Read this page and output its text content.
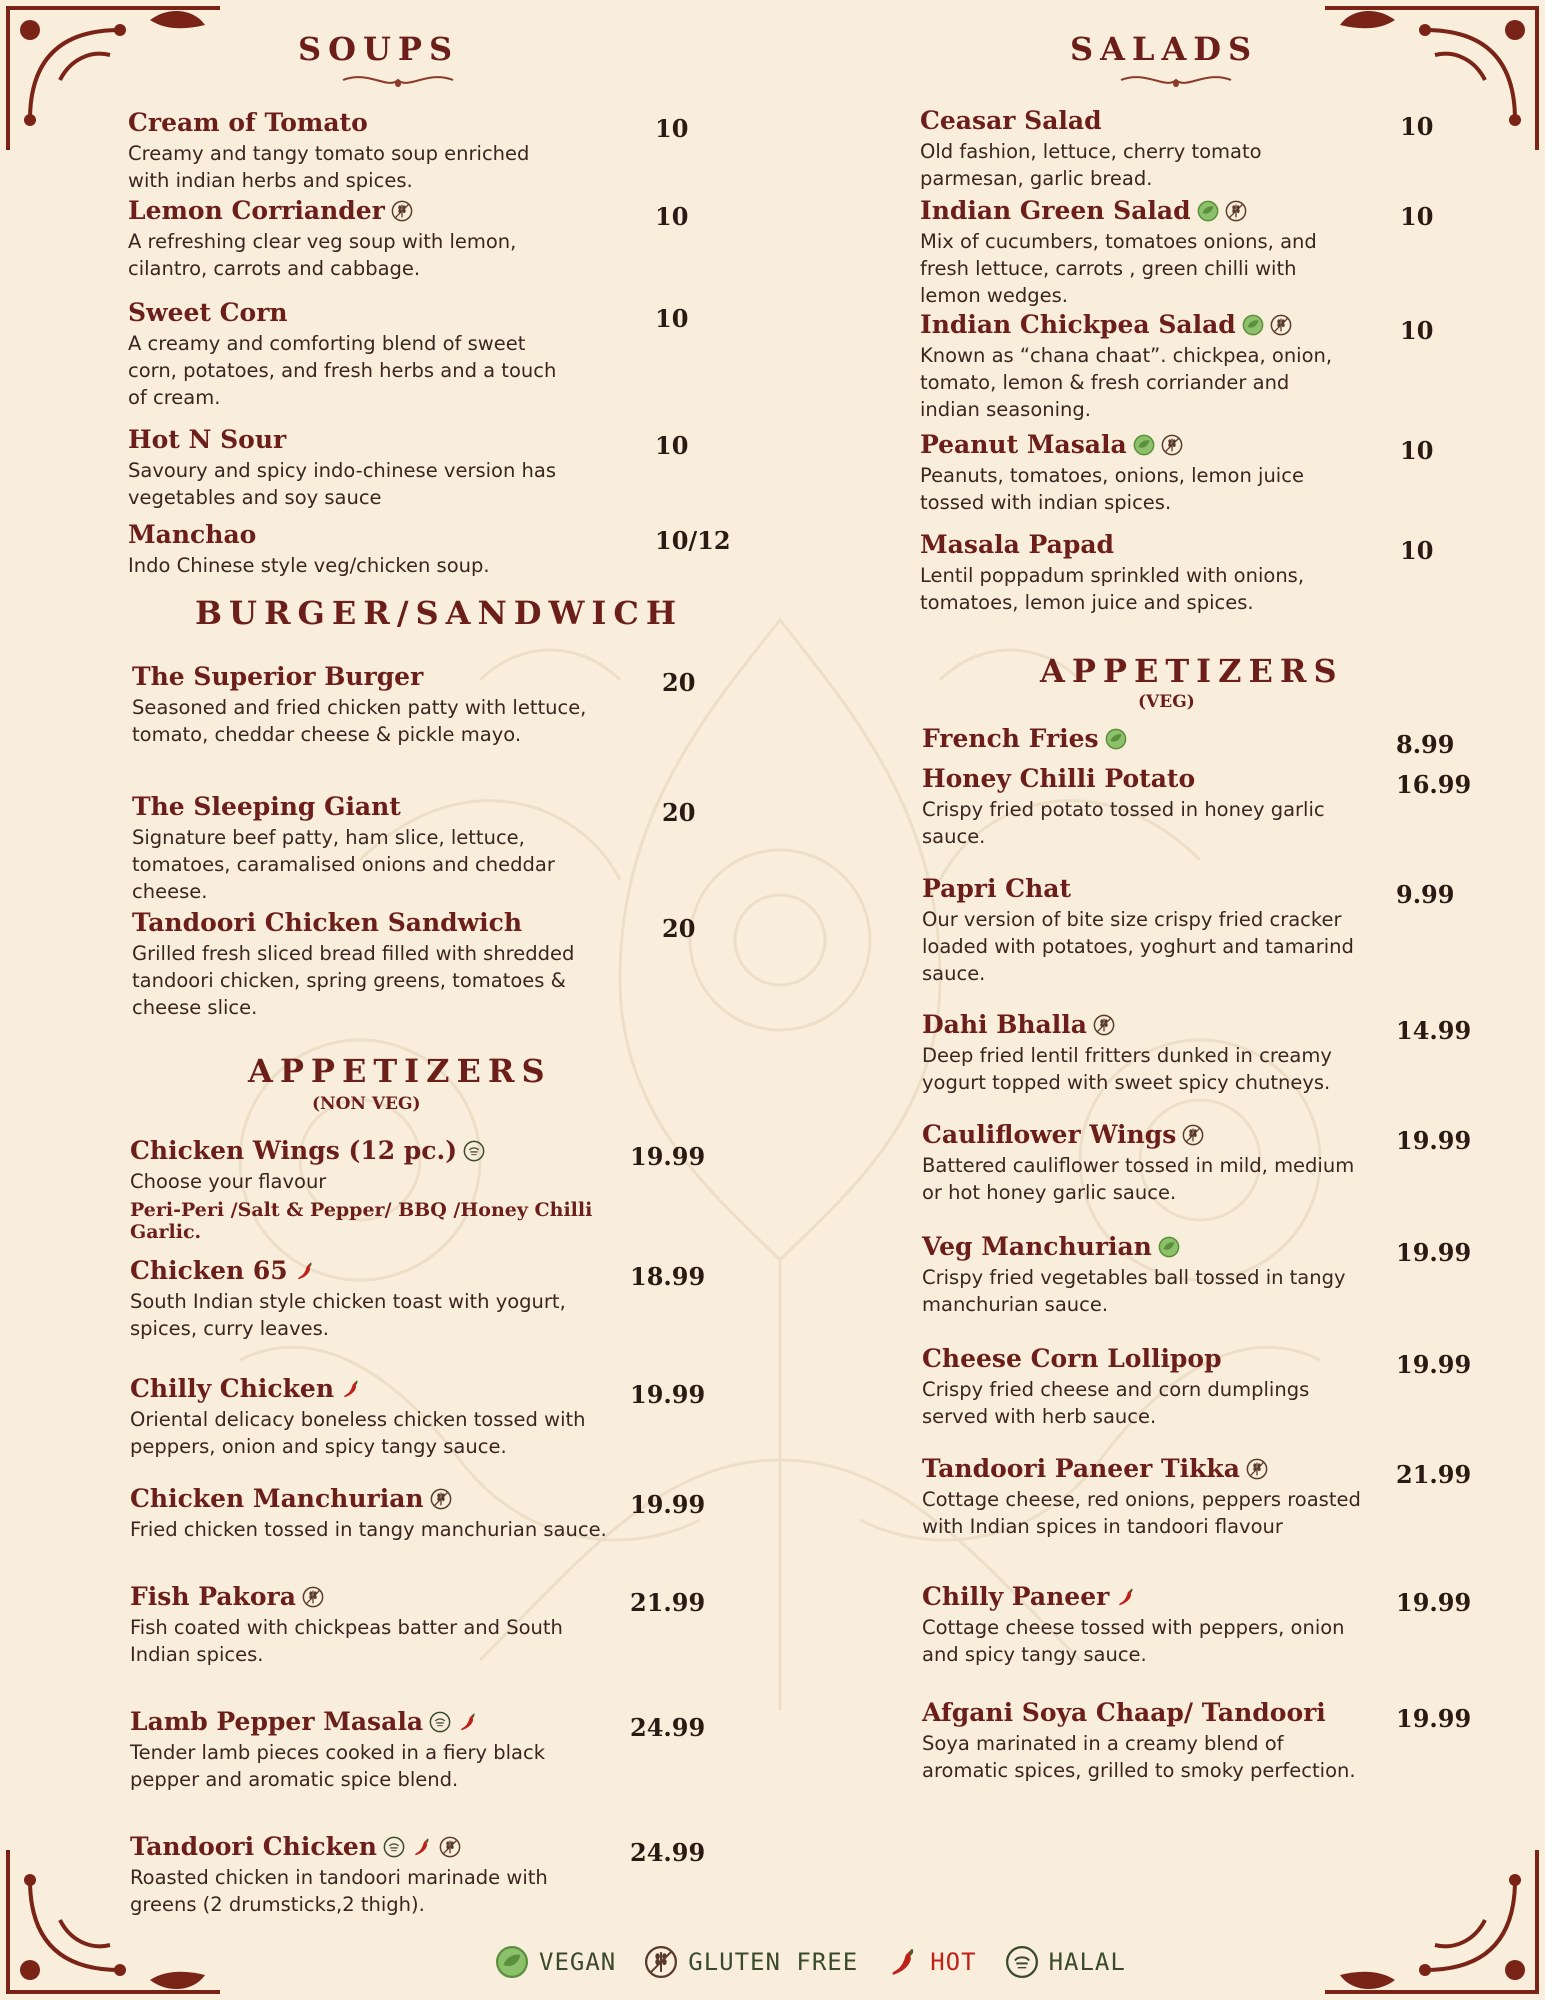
SOUPS	SALADS
BURGER/SANDWICH
APPETIZERS
(NON VEG)
APPETIZERS
(VEG)
Cream of Tomato
Creamy and tangy tomato soup enriched with indian herbs and spices.
10
Lemon Corriander
A refreshing clear veg soup with lemon, cilantro, carrots and cabbage.
10
Sweet Corn
A creamy and comforting blend of sweet corn, potatoes, and fresh herbs and a touch of cream.
10
Hot N Sour
Savoury and spicy indo-chinese version has vegetables and soy sauce
10
Manchao
Indo Chinese style veg/chicken soup.
10/12
The Superior Burger
Seasoned and fried chicken patty with lettuce, tomato, cheddar cheese & pickle mayo.
20
The Sleeping Giant
Signature beef patty, ham slice, lettuce, tomatoes, caramalised onions and cheddar cheese.
20
Tandoori Chicken Sandwich
Grilled fresh sliced bread filled with shredded tandoori chicken, spring greens, tomatoes & cheese slice.
20
Chicken Wings (12 pc.)
Choose your flavour
Peri-Peri /Salt & Pepper/ BBQ /Honey Chilli Garlic.
19.99
Chicken 65
South Indian style chicken toast with yogurt, spices, curry leaves.
18.99
Chilly Chicken
Oriental delicacy boneless chicken tossed with peppers, onion and spicy tangy sauce.
19.99
Chicken Manchurian
Fried chicken tossed in tangy manchurian sauce.
19.99
Fish Pakora
Fish coated with chickpeas batter and South Indian spices.
21.99
Lamb Pepper Masala
Tender lamb pieces cooked in a fiery black pepper and aromatic spice blend.
24.99
Tandoori Chicken
Roasted chicken in tandoori marinade with greens (2 drumsticks,2 thigh).
24.99
Ceasar Salad
Old fashion, lettuce, cherry tomato parmesan, garlic bread.
10
Indian Green Salad
Mix of cucumbers, tomatoes onions, and fresh lettuce, carrots , green chilli with lemon wedges.
10
Indian Chickpea Salad
Known as “chana chaat”. chickpea, onion, tomato, lemon & fresh corriander and indian seasoning.
10
Peanut Masala
Peanuts, tomatoes, onions, lemon juice tossed with indian spices.
10
Masala Papad
Lentil poppadum sprinkled with onions, tomatoes, lemon juice and spices.
10
French Fries	8.99
Honey Chilli Potato
Crispy fried potato tossed in honey garlic sauce.
16.99
Papri Chat
Our version of bite size crispy fried cracker loaded with potatoes, yoghurt and tamarind sauce.
9.99
Dahi Bhalla
Deep fried lentil fritters dunked in creamy yogurt topped with sweet spicy chutneys.
14.99
Cauliflower Wings
Battered cauliflower tossed in mild, medium or hot honey garlic sauce.
19.99
Veg Manchurian
Crispy fried vegetables ball tossed in tangy manchurian sauce.
19.99
Cheese Corn Lollipop
Crispy fried cheese and corn dumplings served with herb sauce.
19.99
Tandoori Paneer Tikka
Cottage cheese, red onions, peppers roasted with Indian spices in tandoori flavour
21.99
Chilly Paneer
Cottage cheese tossed with peppers, onion and spicy tangy sauce.
19.99
Afgani Soya Chaap/ Tandoori
Soya marinated in a creamy blend of aromatic spices, grilled to smoky perfection.
19.99
VEGAN	GLUTEN FREE	HOT	HALAL
